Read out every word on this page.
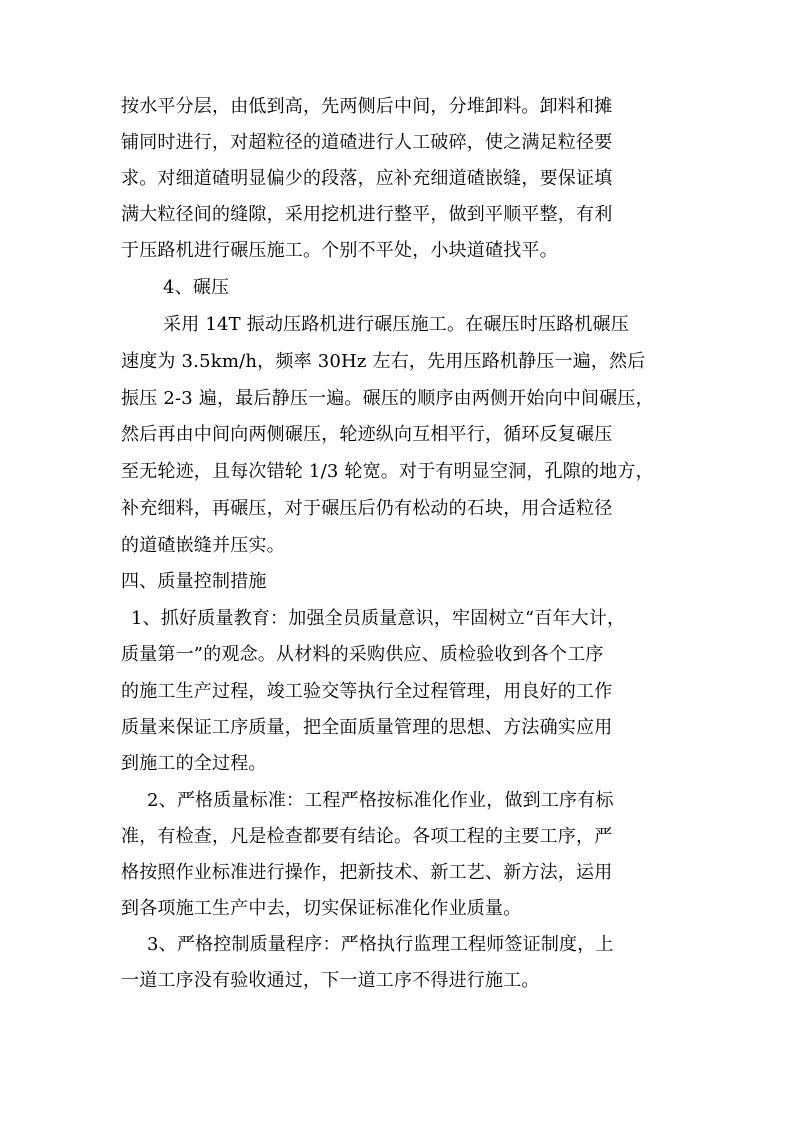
按水平分层，由低到高，先两侧后中间，分堆卸料。卸料和摊
铺同时进行，对超粒径的道碴进行人工破碎，使之满足粒径要
求。对细道碴明显偏少的段落，应补充细道碴嵌缝，要保证填
满大粒径间的缝隙，采用挖机进行整平，做到平顺平整，有利
于压路机进行碾压施工。个别不平处，小块道碴找平。
4、碾压
采用 14T 振动压路机进行碾压施工。在碾压时压路机碾压
速度为 3.5km/h，频率 30Hz 左右，先用压路机静压一遍，然后
振压 2-3 遍，最后静压一遍。碾压的顺序由两侧开始向中间碾压，
然后再由中间向两侧碾压，轮迹纵向互相平行，循环反复碾压
至无轮迹，且每次错轮 1/3 轮宽。对于有明显空洞，孔隙的地方，
补充细料，再碾压，对于碾压后仍有松动的石块，用合适粒径
的道碴嵌缝并压实。
四、质量控制措施
1、抓好质量教育：加强全员质量意识，牢固树立“百年大计，
质量第一”的观念。从材料的采购供应、质检验收到各个工序
的施工生产过程，竣工验交等执行全过程管理，用良好的工作
质量来保证工序质量，把全面质量管理的思想、方法确实应用
到施工的全过程。
2、严格质量标准：工程严格按标准化作业，做到工序有标
准，有检查，凡是检查都要有结论。各项工程的主要工序，严
格按照作业标准进行操作，把新技术、新工艺、新方法，运用
到各项施工生产中去，切实保证标准化作业质量。
3、严格控制质量程序：严格执行监理工程师签证制度，上
一道工序没有验收通过，下一道工序不得进行施工。
